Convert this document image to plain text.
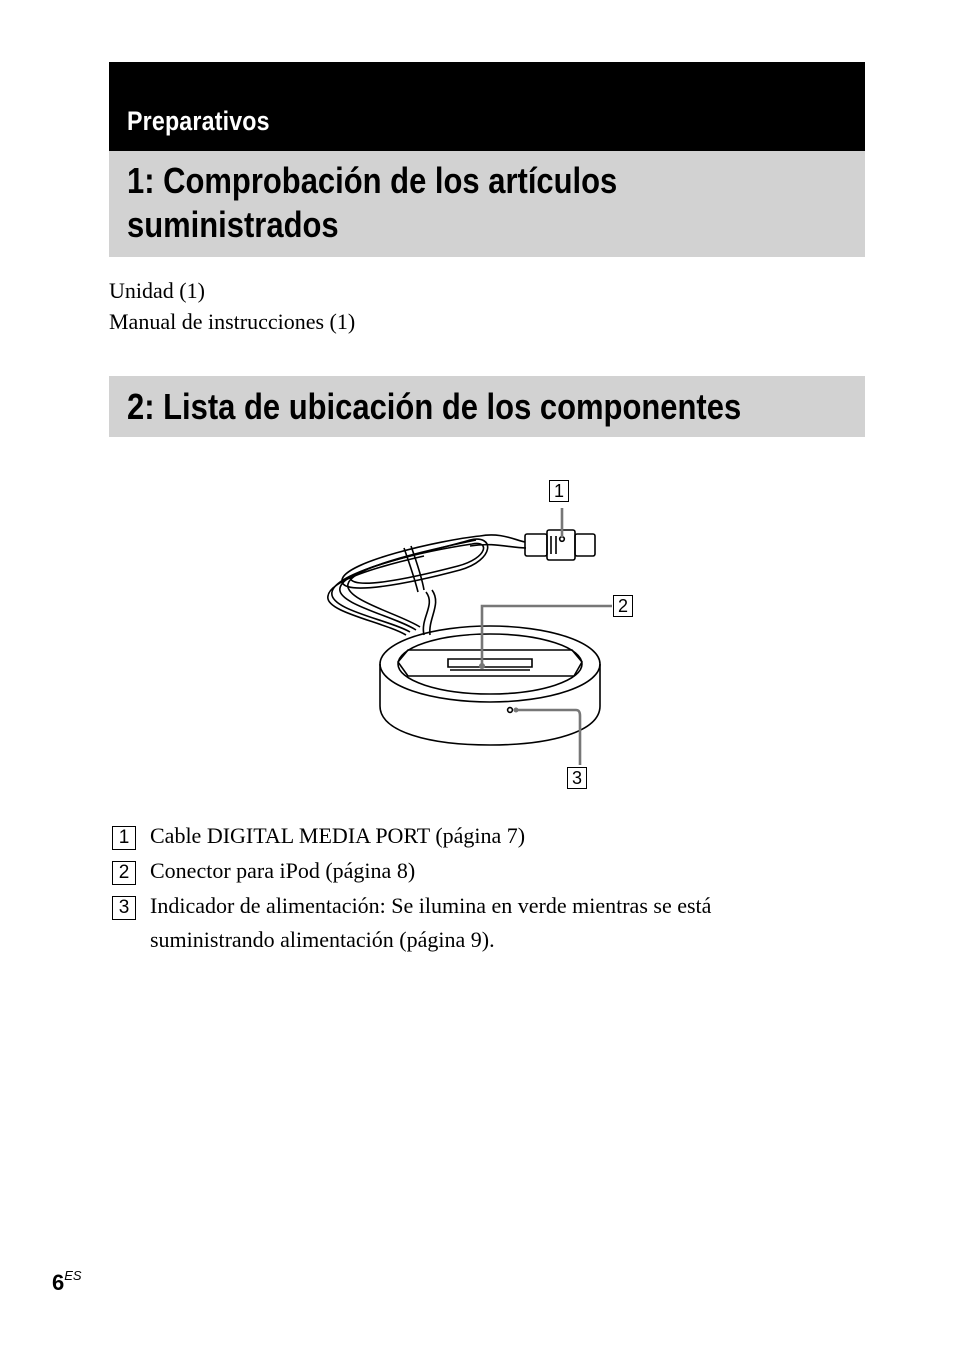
Preparativos
1: Comprobación de los artículos
suministrados
Unidad (1)
Manual de instrucciones (1)
2: Lista de ubicación de los componentes
1
2
3
1 Cable DIGITAL MEDIA PORT (página 7)
2 Conector para iPod (página 8)
3 Indicador de alimentación: Se ilumina en verde mientras se está
suministrando alimentación (página 9).
$6^{ES}$
